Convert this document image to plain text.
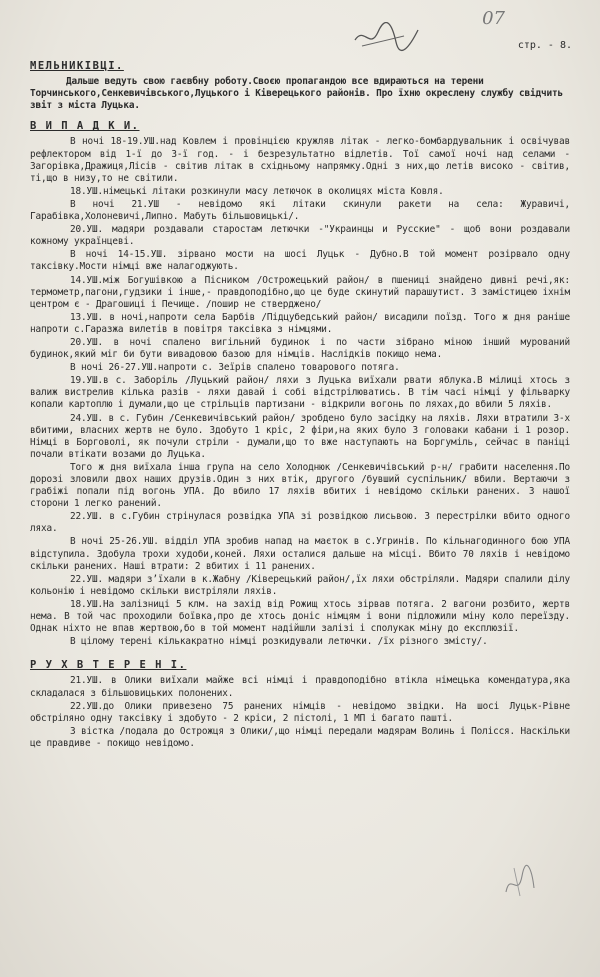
07
стр. - 8.
МЕЛЬНИКІВЦІ.
Дальше ведуть свою гаєвбну роботу.Своєю пропагандою все вдираються на терени Торчинського,Сенкевичівського,Луцького і Ківерецького районів. Про їхню окреслену службу свідчить звіт з міста Луцька.
В И П А Д К И.

В ночі 18-19.УШ.над Ковлем і провінцією кружляв літак - легко-бомбардувальник і освічував рефлектором від 1-ї до 3-ї год. - і безрезультатно відлетів. Тої самої ночі над селами - Загорівка,Дражиця,Лісів - світив літак в східньому напрямку.Одні з них,що летів високо - світив, ті,що в низу,то не світили.

18.УШ.німецькі літаки розкинули масу летючок в околицях міста Ковля.

В ночі 21.УШ - невідомо які літаки скинули ракети на села: Журавичі, Гарабівка,Холоневичі,Липно. Мабуть більшовицькі/.

20.УШ. мадяри роздавали старостам летючки -"Украинцы и Русские" - щоб вони роздавали кожному українцеві.

В ночі 14-15.УШ. зірвано мости на шосі Луцьк - Дубно.В той момент розірвало одну таксівку.Мости німці вже налагоджують.

14.УШ.між Богушівкою а Пісником /Острожецький район/ в пшениці знайдено дивні речі,як: термометр,пагони,гудзики і інше,- правдоподібно,що це буде скинутий парашутист. З замістицею іхнім центром є - Драгошиці і Печище. /пошир не стверджено/

13.УШ. в ночі,напроти села Барбів /Підцубедський район/ висадили поїзд. Того ж дня раніше напроти с.Гаразжа вилетів в повітря таксівка з німцями.

20.УШ. в ночі спалено вигільний будинок і по части зібрано міною інший мурований будинок,який міг би бути вивадовою базою для німців. Наслідків покищо нема.

В ночі 26-27.УШ.напроти с. Зеїрів спалено товарового потяга.

19.УШ.в с. Заборіль /Луцький район/ ляхи з Луцька виїхали рвати яблука.В мілиці хтось з валиж вистрелив кілька разів - ляхи давай і собі відстрілюватись. В тім часі німці у фільварку копали картоплю і думали,що це стрільців партизани - відкрили вогонь по ляхах,до вбили 5 ляхів.

24.УШ. в с. Губин /Сенкевичівський район/ зробдено було засідку на ляхів. Ляхи втратили 3-х вбитими, власних жертв не було. Здобуто 1 кріс, 2 фіри,на яких було 3 головаки кабани і 1 розор. Німці в Борговолі, як почули стріли - думали,що то вже наступають на Боргуміль, сейчас в паніці почали втікати возами до Луцька.

Того ж дня виїхала інша група на село Холоднюк /Сенкевичівський р-н/ грабити населення.По дорозі зловили двох наших друзів.Один з них втік, другого /бувший суспільник/ вбили. Вертаючи з грабіжі попали під вогонь УПА. До вбило 17 ляхів вбитих і невідомо скільки ранених. З нашої сторони 1 легко ранений.

22.УШ. в с.Губин стрінулася розвідка УПА зі розвідкою лисьвою. З перестрілки вбито одного ляха.

В ночі 25-26.УШ. відділ УПА зробив напад на маєток в с.Угринів. По кільнагодинного бою УПА відступила. Здобула трохи худоби,коней. Ляхи осталися дальше на місці. Вбито 70 ляхів і невідомо скільки ранених. Наші втрати: 2 вбитих і 11 ранених.

22.УШ. мадяри з’їхали в к.Жабну /Ківерецький район/,їх ляхи обстріляли. Мадяри спалили ділу кольонію і невідомо скільки вистріляли ляхів.

18.УШ.На залізниці 5 клм. на захід від Рожищ хтось зірвав потяга. 2 вагони розбито, жертв нема. В той час проходили боївка,про де хтось доніс німцям і вони підложили міну коло переїзду. Однак ніхто не впав жертвою,бо в той момент надійшли залізі і сполукак міну до експлюзії.

В цілому терені кількакратно німці розкидували летючки. /їх різного змісту/.

Р У Х В Т Е Р Е Н І.

21.УШ. в Олики виїхали майже всі німці і правдоподібно втікла німецька комендатура,яка складалася з більшовицьких полонених.

22.УШ.до Олики привезено 75 ранених німців - невідомо звідки. На шосі Луцьк-Рівне обстріляно одну таксівку і здобуто - 2 кріси, 2 пістолі, 1 МП і багато пашті.

З вістка /подала до Острожця з Олики/,що німці передали мадярам Волинь і Полісся. Наскільки це правдиве - покищо невідомо.
